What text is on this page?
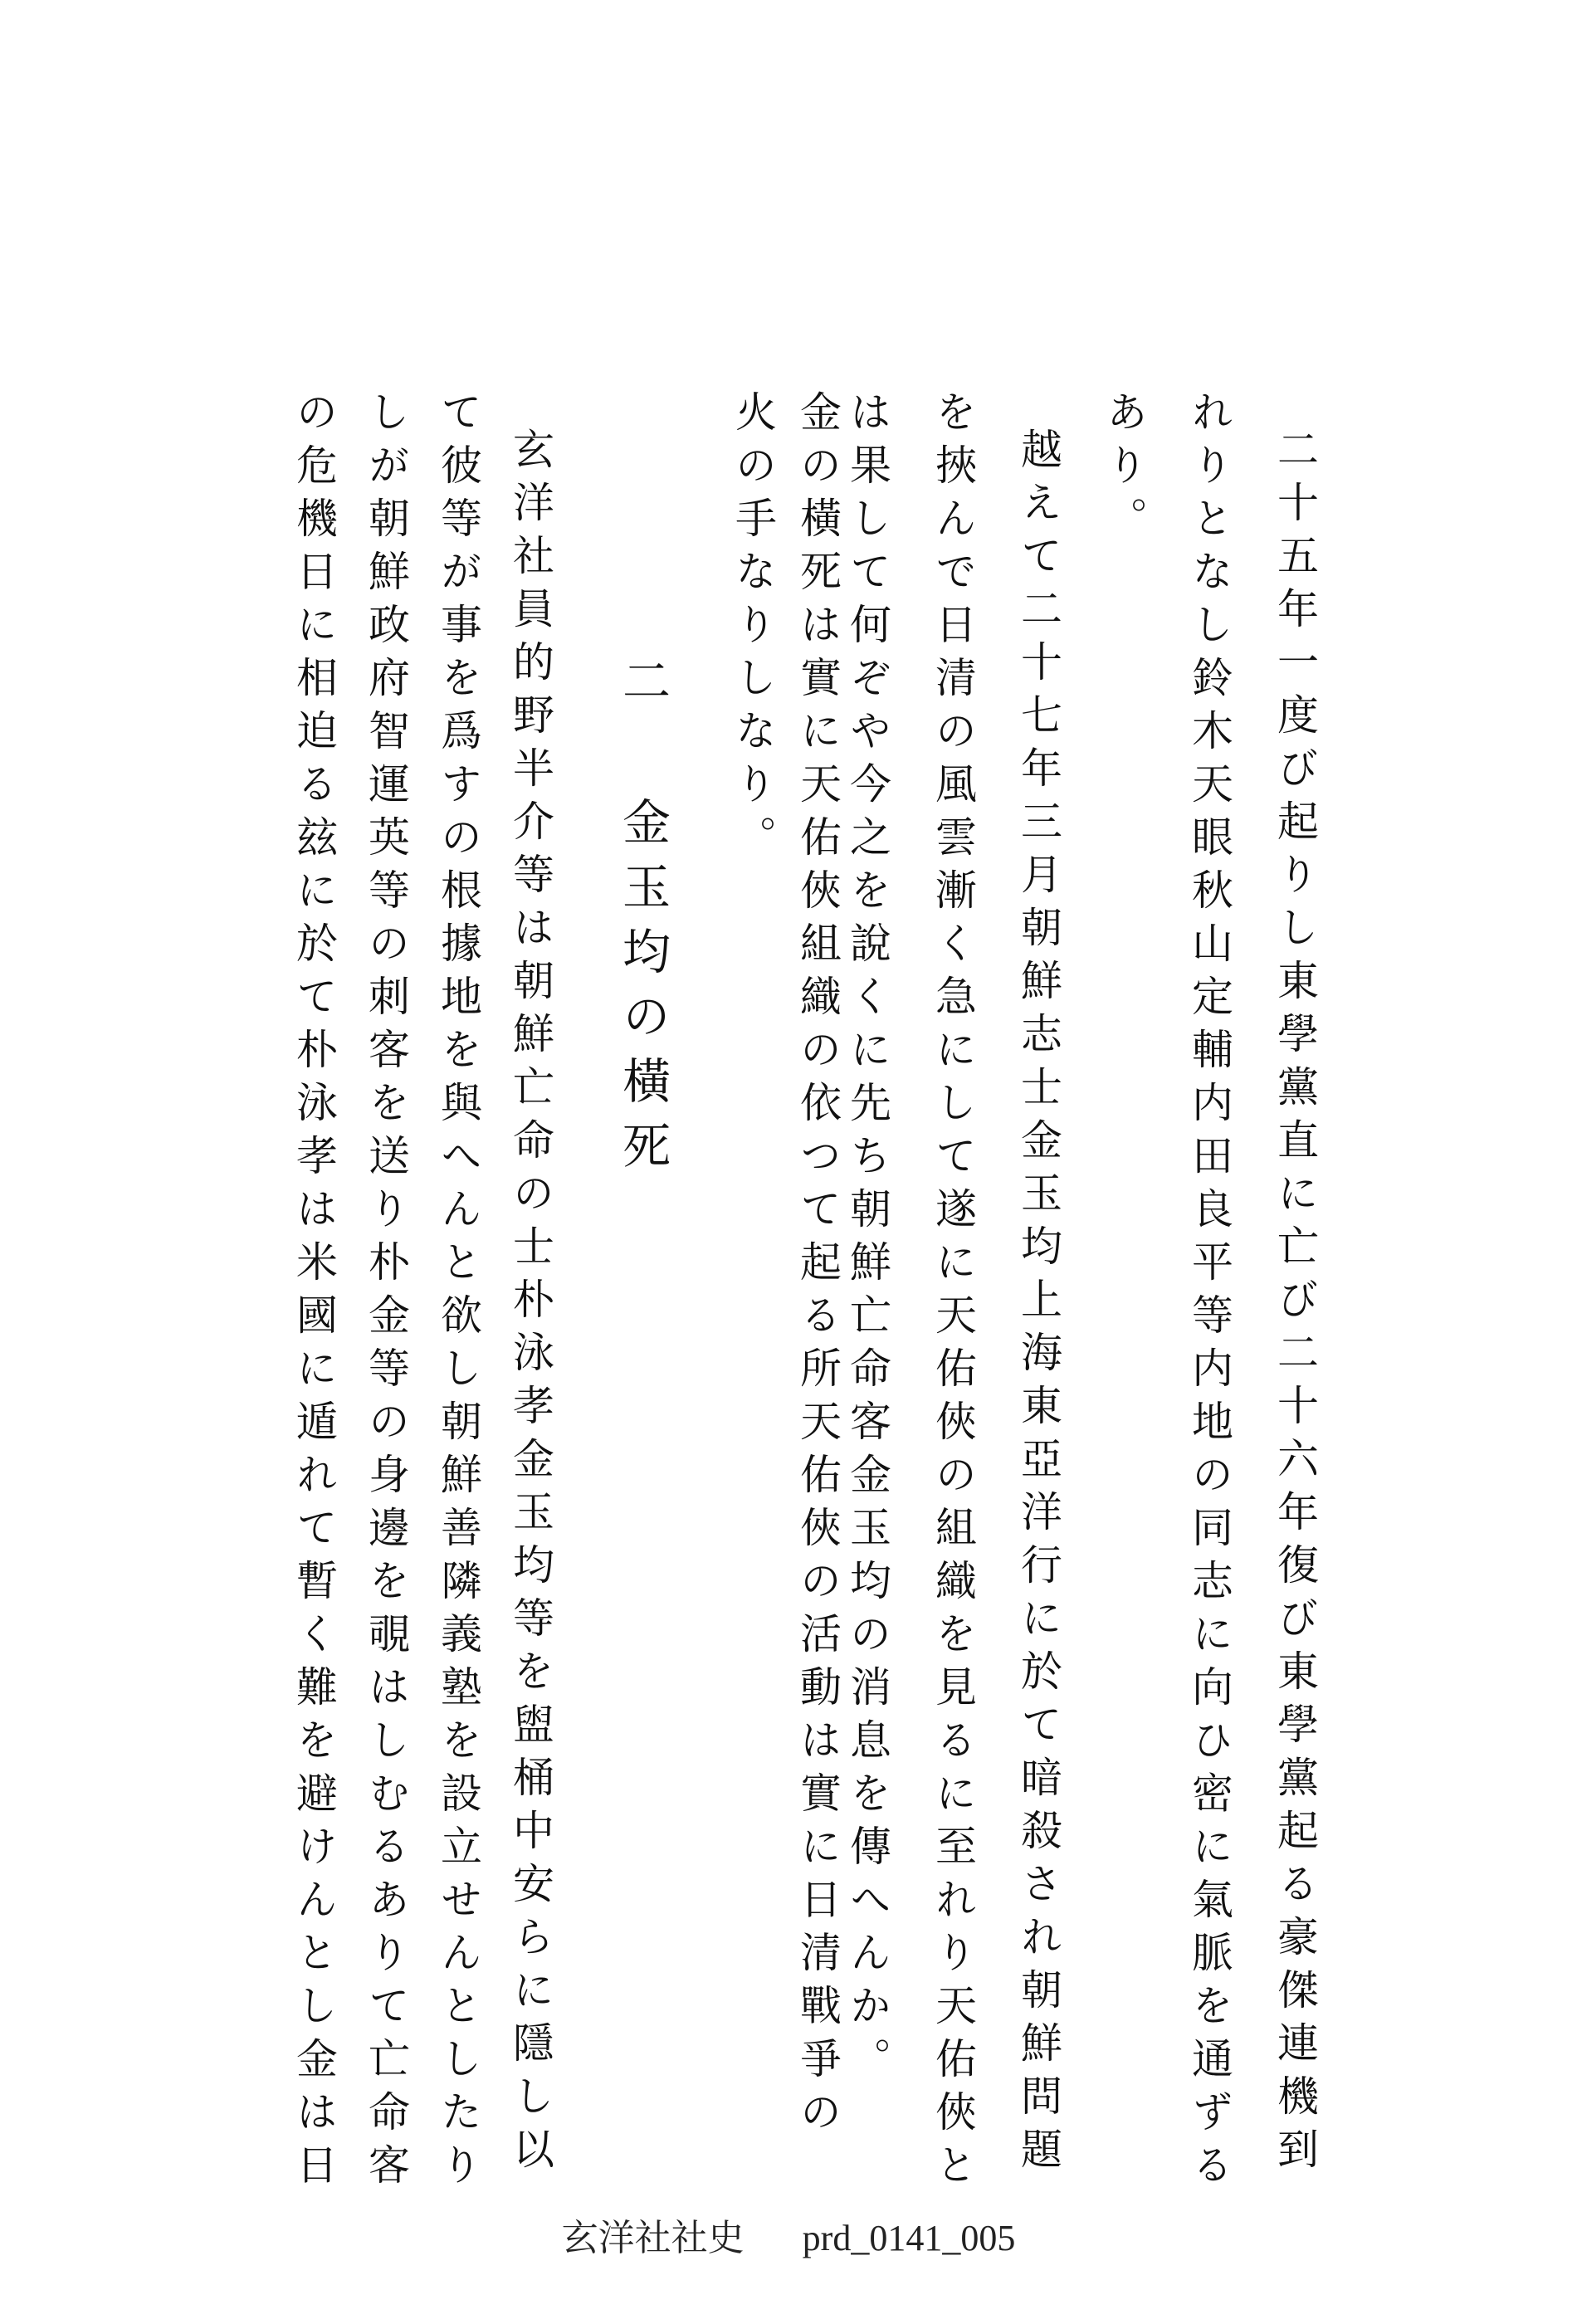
二十五年一度び起りし東學黨直に亡び二十六年復び東學黨起る豪傑連機到
れりとなし鈴木天眼秋山定輔内田良平等内地の同志に向ひ密に氣脈を通ずる
あり。
越えて二十七年三月朝鮮志士金玉均上海東亞洋行に於て暗殺され朝鮮問題
を挾んで日清の風雲漸く急にして遂に天佑俠の組織を見るに至れり天佑俠と
は果して何ぞや今之を說くに先ち朝鮮亡命客金玉均の消息を傳へんか。
金の橫死は實に天佑俠組織の依つて起る所天佑俠の活動は實に日清戰爭の
火の手なりしなり。
二
金玉均の橫死
玄洋社員的野半介等は朝鮮亡命の士朴泳孝金玉均等を盥桶中安らに隱し以
て彼等が事を爲すの根據地を與へんと欲し朝鮮善隣義塾を設立せんとしたり
しが朝鮮政府智運英等の刺客を送り朴金等の身邊を覗はしむるありて亡命客
の危機日に相迫る玆に於て朴泳孝は米國に遁れて暫く難を避けんとし金は日
玄洋社社史 prd_0141_005
